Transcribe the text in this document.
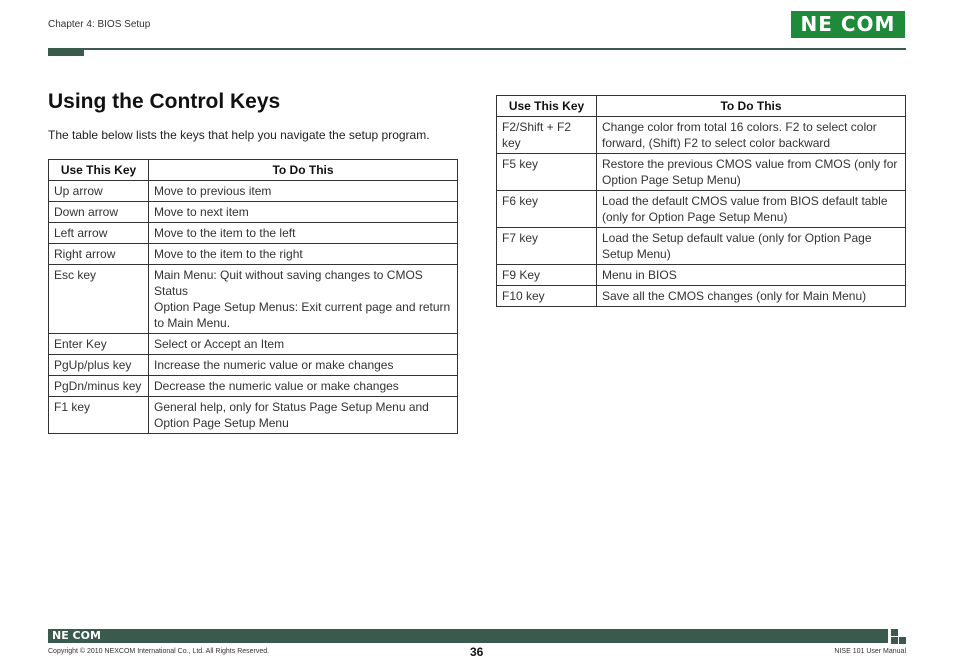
Chapter 4: BIOS Setup	NE COM
Using the Control Keys

The table below lists the keys that help you navigate the setup program.

Use This Key	To Do This
Up arrow	Move to previous item
Down arrow	Move to next item
Left arrow	Move to the item to the left
Right arrow	Move to the item to the right
Esc key	Main Menu: Quit without saving changes to CMOS Status
Option Page Setup Menus: Exit current page and return to Main Menu.
Enter Key	Select or Accept an Item
PgUp/plus key	Increase the numeric value or make changes
PgDn/minus key	Decrease the numeric value or make changes
F1 key	General help, only for Status Page Setup Menu and Option Page Setup Menu
Use This Key	To Do This
F2/Shift + F2 key	Change color from total 16 colors. F2 to select color forward, (Shift) F2 to select color backward
F5 key	Restore the previous CMOS value from CMOS (only for Option Page Setup Menu)
F6 key	Load the default CMOS value from BIOS default table (only for Option Page Setup Menu)
F7 key	Load the Setup default value (only for Option Page Setup Menu)
F9 Key	Menu in BIOS
F10 key	Save all the CMOS changes (only for Main Menu)
NE COM
Copyright © 2010 NEXCOM International Co., Ltd. All Rights Reserved.	36	NISE 101 User Manual
